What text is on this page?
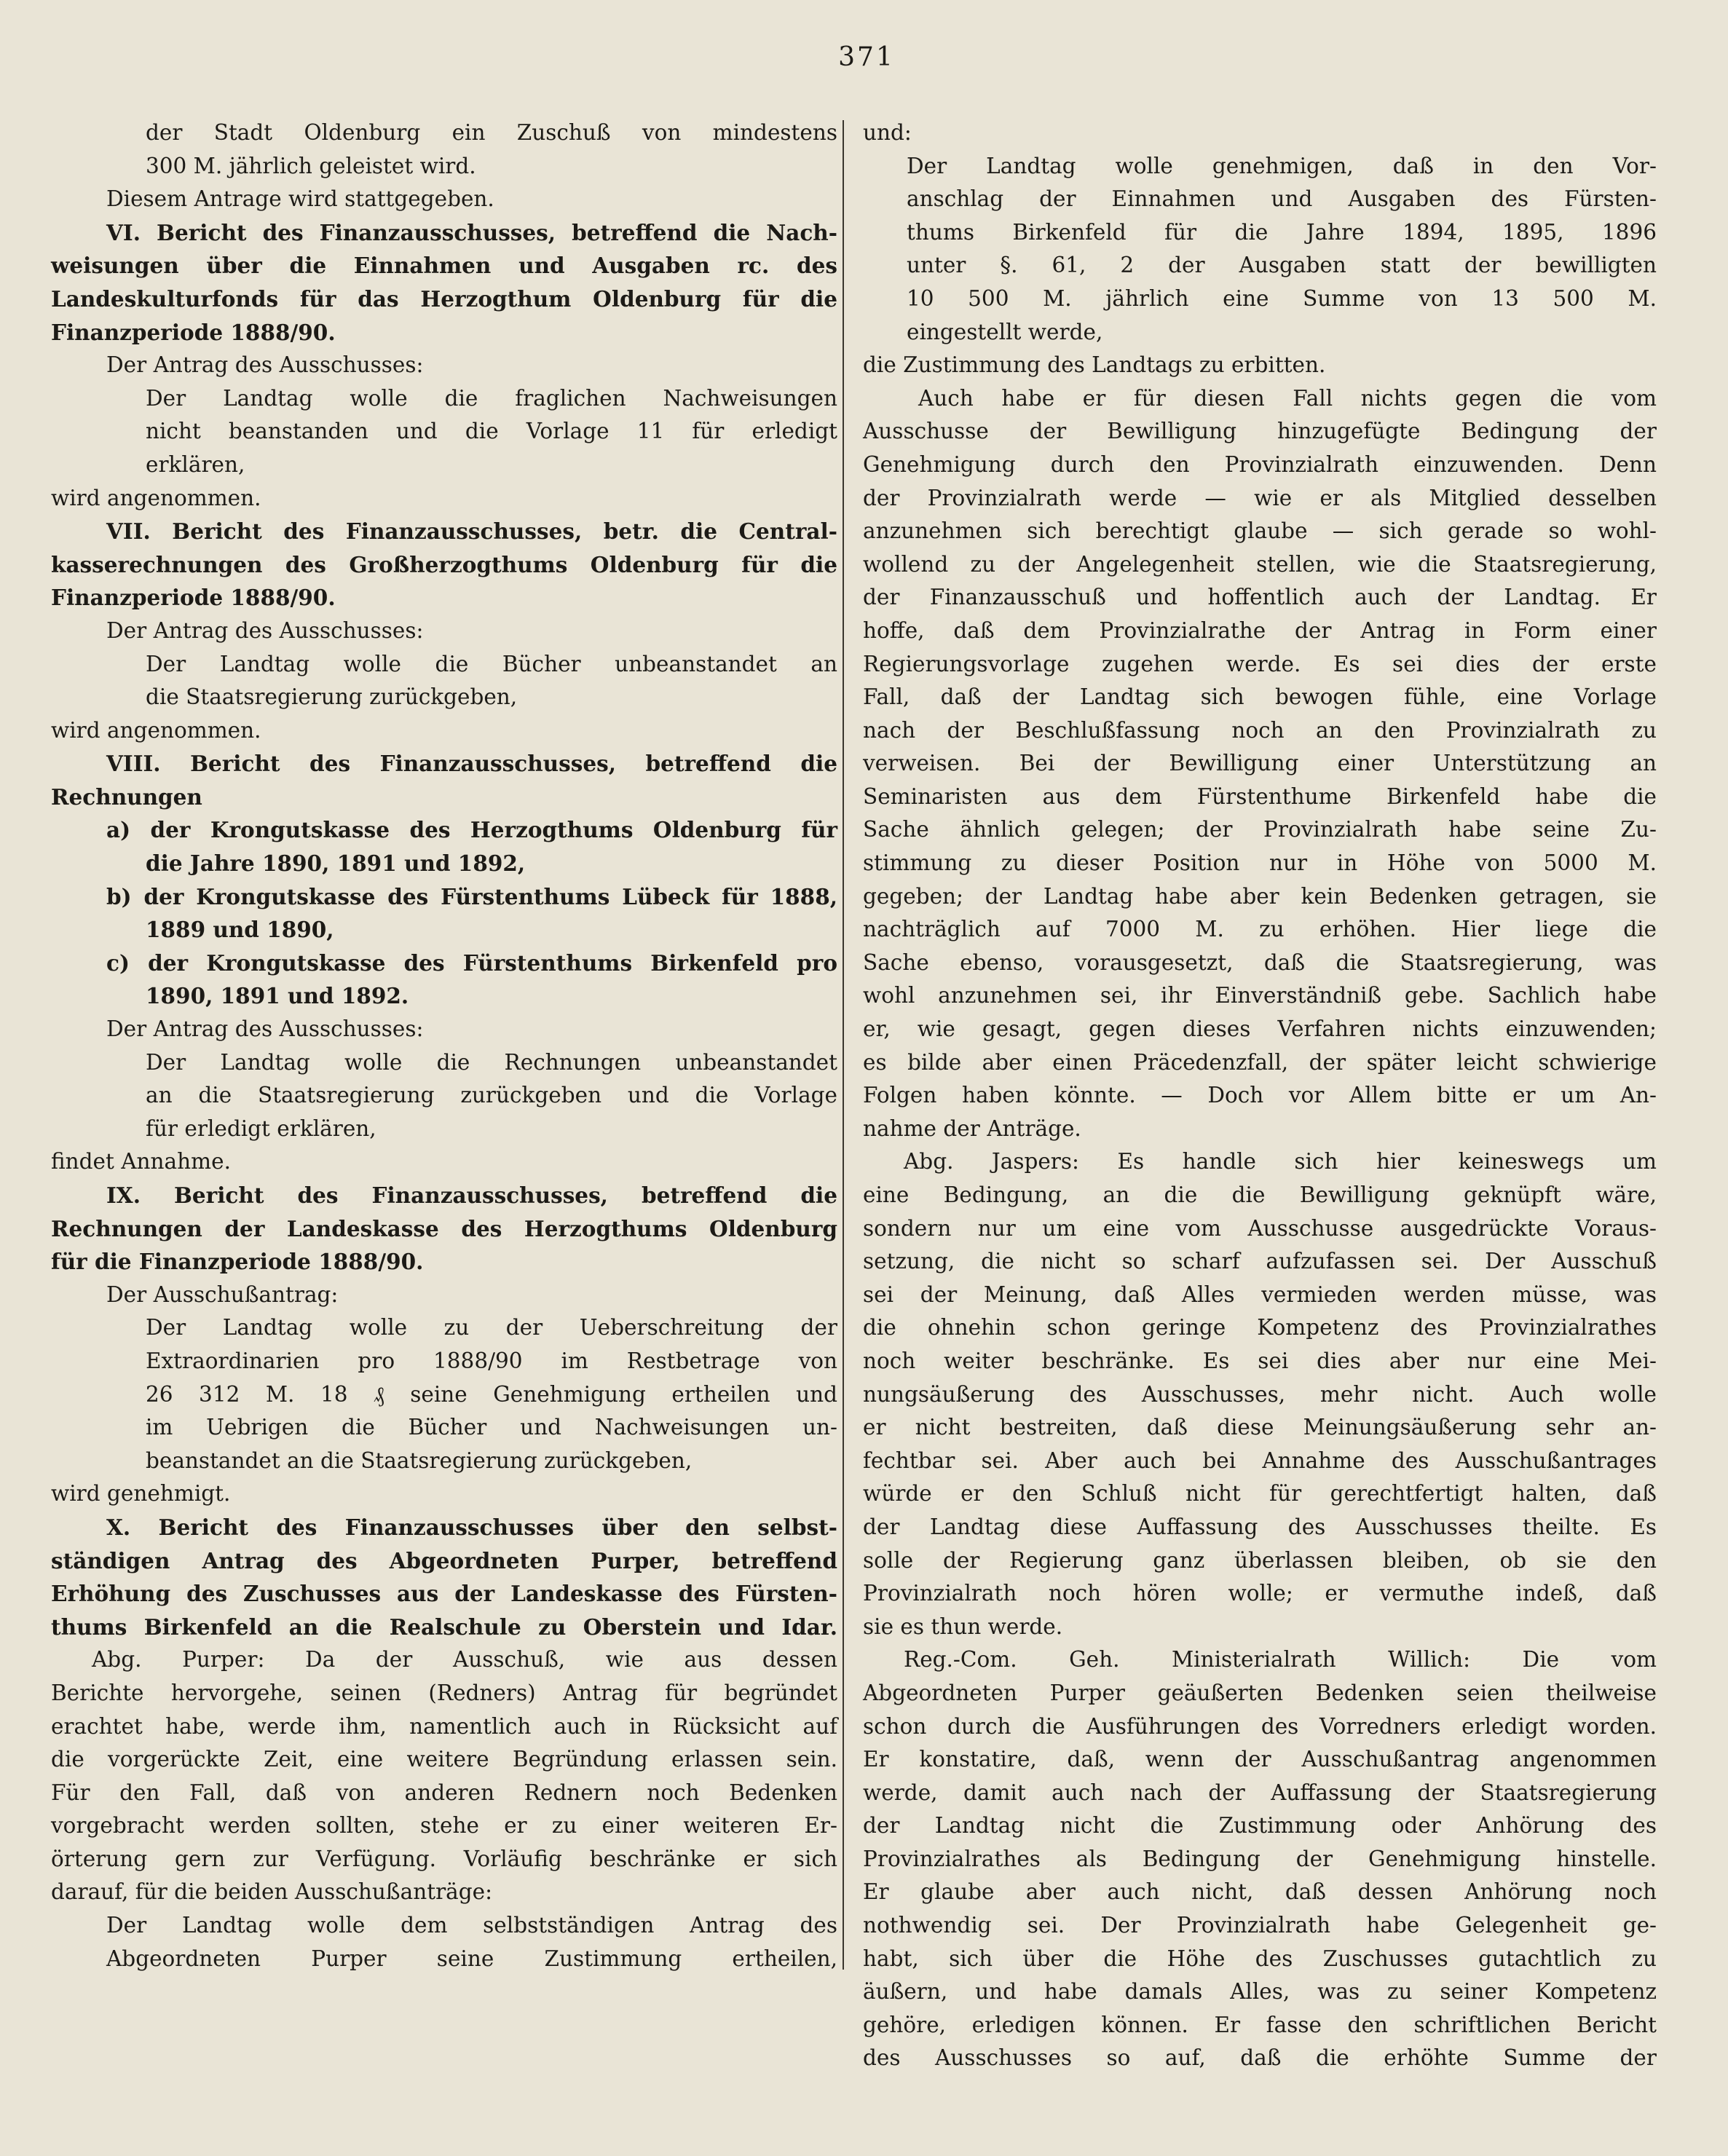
371
der Stadt Oldenburg ein Zuschuß von mindestens
300 M. jährlich geleistet wird.
Diesem Antrage wird stattgegeben.
VI. Bericht des Finanzausschusses, betreffend die Nach-
weisungen über die Einnahmen und Ausgaben rc. des
Landeskulturfonds für das Herzogthum Oldenburg für die
Finanzperiode 1888/90.
Der Antrag des Ausschusses:
Der Landtag wolle die fraglichen Nachweisungen
nicht beanstanden und die Vorlage 11 für erledigt
erklären,
wird angenommen.
VII. Bericht des Finanzausschusses, betr. die Central-
kasserechnungen des Großherzogthums Oldenburg für die
Finanzperiode 1888/90.
Der Antrag des Ausschusses:
Der Landtag wolle die Bücher unbeanstandet an
die Staatsregierung zurückgeben,
wird angenommen.
VIII. Bericht des Finanzausschusses, betreffend die
Rechnungen
a) der Krongutskasse des Herzogthums Oldenburg für
die Jahre 1890, 1891 und 1892,
b) der Krongutskasse des Fürstenthums Lübeck für 1888,
1889 und 1890,
c) der Krongutskasse des Fürstenthums Birkenfeld pro
1890, 1891 und 1892.
Der Antrag des Ausschusses:
Der Landtag wolle die Rechnungen unbeanstandet
an die Staatsregierung zurückgeben und die Vorlage
für erledigt erklären,
findet Annahme.
IX. Bericht des Finanzausschusses, betreffend die
Rechnungen der Landeskasse des Herzogthums Oldenburg
für die Finanzperiode 1888/90.
Der Ausschußantrag:
Der Landtag wolle zu der Ueberschreitung der
Extraordinarien pro 1888/90 im Restbetrage von
26 312 M. 18 ₰ seine Genehmigung ertheilen und
im Uebrigen die Bücher und Nachweisungen un-
beanstandet an die Staatsregierung zurückgeben,
wird genehmigt.
X. Bericht des Finanzausschusses über den selbst-
ständigen Antrag des Abgeordneten Purper, betreffend
Erhöhung des Zuschusses aus der Landeskasse des Fürsten-
thums Birkenfeld an die Realschule zu Oberstein und Idar.
Abg. Purper: Da der Ausschuß, wie aus dessen
Berichte hervorgehe, seinen (Redners) Antrag für begründet
erachtet habe, werde ihm, namentlich auch in Rücksicht auf
die vorgerückte Zeit, eine weitere Begründung erlassen sein.
Für den Fall, daß von anderen Rednern noch Bedenken
vorgebracht werden sollten, stehe er zu einer weiteren Er-
örterung gern zur Verfügung. Vorläufig beschränke er sich
darauf, für die beiden Ausschußanträge:
Der Landtag wolle dem selbstständigen Antrag des
Abgeordneten Purper seine Zustimmung ertheilen,
und:
Der Landtag wolle genehmigen, daß in den Vor-
anschlag der Einnahmen und Ausgaben des Fürsten-
thums Birkenfeld für die Jahre 1894, 1895, 1896
unter §. 61, 2 der Ausgaben statt der bewilligten
10 500 M. jährlich eine Summe von 13 500 M.
eingestellt werde,
die Zustimmung des Landtags zu erbitten.
Auch habe er für diesen Fall nichts gegen die vom
Ausschusse der Bewilligung hinzugefügte Bedingung der
Genehmigung durch den Provinzialrath einzuwenden. Denn
der Provinzialrath werde — wie er als Mitglied desselben
anzunehmen sich berechtigt glaube — sich gerade so wohl-
wollend zu der Angelegenheit stellen, wie die Staatsregierung,
der Finanzausschuß und hoffentlich auch der Landtag. Er
hoffe, daß dem Provinzialrathe der Antrag in Form einer
Regierungsvorlage zugehen werde. Es sei dies der erste
Fall, daß der Landtag sich bewogen fühle, eine Vorlage
nach der Beschlußfassung noch an den Provinzialrath zu
verweisen. Bei der Bewilligung einer Unterstützung an
Seminaristen aus dem Fürstenthume Birkenfeld habe die
Sache ähnlich gelegen; der Provinzialrath habe seine Zu-
stimmung zu dieser Position nur in Höhe von 5000 M.
gegeben; der Landtag habe aber kein Bedenken getragen, sie
nachträglich auf 7000 M. zu erhöhen. Hier liege die
Sache ebenso, vorausgesetzt, daß die Staatsregierung, was
wohl anzunehmen sei, ihr Einverständniß gebe. Sachlich habe
er, wie gesagt, gegen dieses Verfahren nichts einzuwenden;
es bilde aber einen Präcedenzfall, der später leicht schwierige
Folgen haben könnte. — Doch vor Allem bitte er um An-
nahme der Anträge.
Abg. Jaspers: Es handle sich hier keineswegs um
eine Bedingung, an die die Bewilligung geknüpft wäre,
sondern nur um eine vom Ausschusse ausgedrückte Voraus-
setzung, die nicht so scharf aufzufassen sei. Der Ausschuß
sei der Meinung, daß Alles vermieden werden müsse, was
die ohnehin schon geringe Kompetenz des Provinzialrathes
noch weiter beschränke. Es sei dies aber nur eine Mei-
nungsäußerung des Ausschusses, mehr nicht. Auch wolle
er nicht bestreiten, daß diese Meinungsäußerung sehr an-
fechtbar sei. Aber auch bei Annahme des Ausschußantrages
würde er den Schluß nicht für gerechtfertigt halten, daß
der Landtag diese Auffassung des Ausschusses theilte. Es
solle der Regierung ganz überlassen bleiben, ob sie den
Provinzialrath noch hören wolle; er vermuthe indeß, daß
sie es thun werde.
Reg.-Com. Geh. Ministerialrath Willich: Die vom
Abgeordneten Purper geäußerten Bedenken seien theilweise
schon durch die Ausführungen des Vorredners erledigt worden.
Er konstatire, daß, wenn der Ausschußantrag angenommen
werde, damit auch nach der Auffassung der Staatsregierung
der Landtag nicht die Zustimmung oder Anhörung des
Provinzialrathes als Bedingung der Genehmigung hinstelle.
Er glaube aber auch nicht, daß dessen Anhörung noch
nothwendig sei. Der Provinzialrath habe Gelegenheit ge-
habt, sich über die Höhe des Zuschusses gutachtlich zu
äußern, und habe damals Alles, was zu seiner Kompetenz
gehöre, erledigen können. Er fasse den schriftlichen Bericht
des Ausschusses so auf, daß die erhöhte Summe der
